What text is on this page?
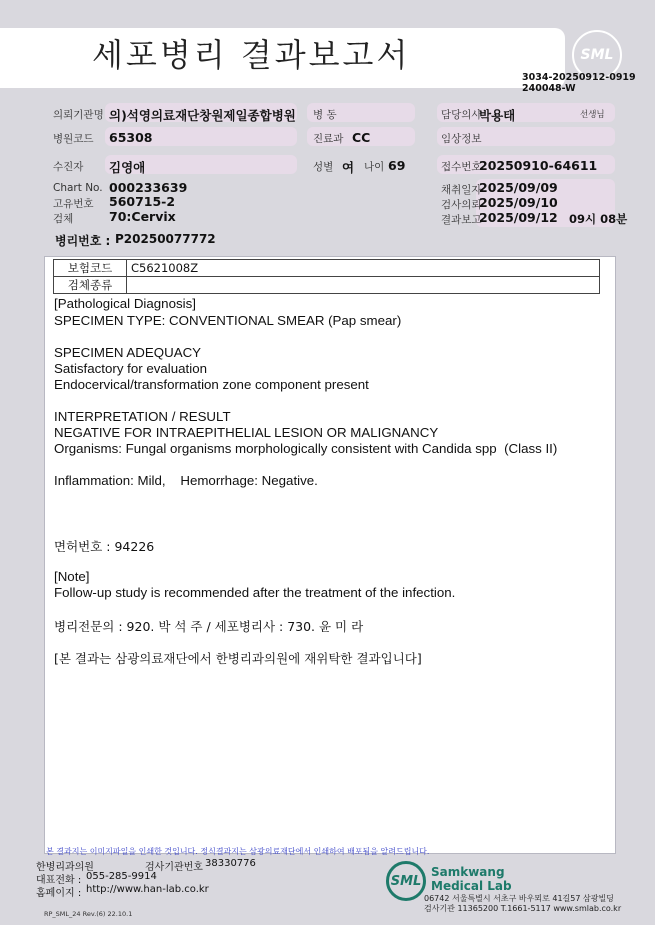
세포병리 결과보고서	SML
3034-20250912-0919
240048-W
의뢰기관명 의)석영의료재단창원제일종합병원 병 동	담당의사
박용태	선생님
병원코드 65308	진료과 CC	임상정보
수진자 김영애	성별 여 나이 69	접수번호
20250910-64611
Chart No. 000233639
고유번호 560715-2
검체	70:Cervix
채취일자
2025/09/09
검사의뢰
2025/09/10
결과보고
2025/09/12 09시 08분
병리번호 : P20250077772
보험코드	C5621008Z
검체종류	
[Pathological Diagnosis]
SPECIMEN TYPE: CONVENTIONAL SMEAR (Pap smear)
SPECIMEN ADEQUACY
Satisfactory for evaluation
Endocervical/transformation zone component present
INTERPRETATION / RESULT
NEGATIVE FOR INTRAEPITHELIAL LESION OR MALIGNANCY
Organisms: Fungal organisms morphologically consistent with Candida spp  (Class II)
Inflammation: Mild,    Hemorrhage: Negative.
면허번호 : 94226
[Note]
Follow-up study is recommended after the treatment of the infection.
병리전문의 : 920. 박 석 주 / 세포병리사 : 730. 윤 미 라
[본 결과는 삼광의료재단에서 한병리과의원에 재위탁한 결과입니다]
본 결과지는 이미지파일을 인쇄한 것입니다. 정식결과지는 삼광의료재단에서 인쇄하여 배포됨을 알려드립니다.
한병리과의원	검사기관번호 38330776
대표전화 : 055-285-9914
홈페이지 : http://www.han-lab.co.kr
RP_SML_24 Rev.(6) 22.10.1
SML
Samkwang
Medical Lab
06742 서울특별시 서초구 바우뫼로 41길57 삼광빌딩
검사기관 11365200 T.1661-5117 www.smlab.co.kr
